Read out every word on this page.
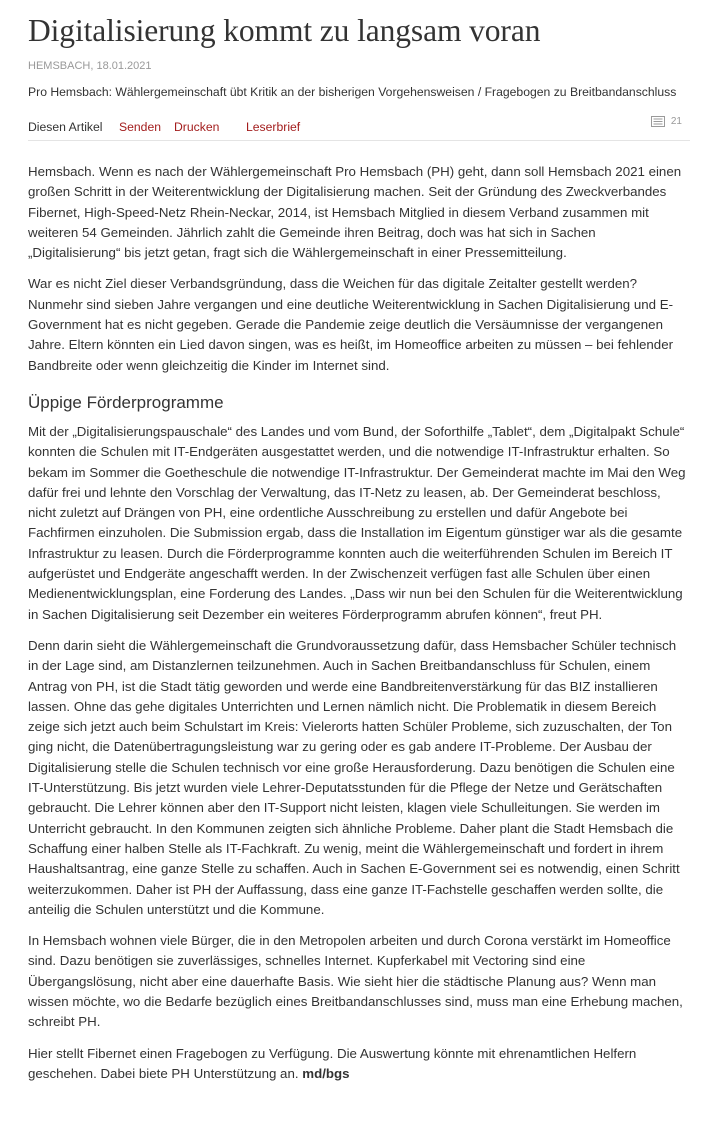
Digitalisierung kommt zu langsam voran
HEMSBACH, 18.01.2021
Pro Hemsbach: Wählergemeinschaft übt Kritik an der bisherigen Vorgehensweisen / Fragebogen zu Breitbandanschluss
Diesen Artikel Senden Drucken Leserbrief	21

Hemsbach. Wenn es nach der Wählergemeinschaft Pro Hemsbach (PH) geht, dann soll Hemsbach 2021 einen großen Schritt in der Weiterentwicklung der Digitalisierung machen. Seit der Gründung des Zweckverbandes Fibernet, High-Speed-Netz Rhein-Neckar, 2014, ist Hemsbach Mitglied in diesem Verband zusammen mit weiteren 54 Gemeinden. Jährlich zahlt die Gemeinde ihren Beitrag, doch was hat sich in Sachen „Digitalisierung“ bis jetzt getan, fragt sich die Wählergemeinschaft in einer Pressemitteilung.

War es nicht Ziel dieser Verbandsgründung, dass die Weichen für das digitale Zeitalter gestellt werden? Nunmehr sind sieben Jahre vergangen und eine deutliche Weiterentwicklung in Sachen Digitalisierung und E-Government hat es nicht gegeben. Gerade die Pandemie zeige deutlich die Versäumnisse der vergangenen Jahre. Eltern könnten ein Lied davon singen, was es heißt, im Homeoffice arbeiten zu müssen – bei fehlender Bandbreite oder wenn gleichzeitig die Kinder im Internet sind.

Üppige Förderprogramme

Mit der „Digitalisierungspauschale“ des Landes und vom Bund, der Soforthilfe „Tablet“, dem „Digitalpakt Schule“ konnten die Schulen mit IT-Endgeräten ausgestattet werden, und die notwendige IT-Infrastruktur erhalten. So bekam im Sommer die Goetheschule die notwendige IT-Infrastruktur. Der Gemeinderat machte im Mai den Weg dafür frei und lehnte den Vorschlag der Verwaltung, das IT-Netz zu leasen, ab. Der Gemeinderat beschloss, nicht zuletzt auf Drängen von PH, eine ordentliche Ausschreibung zu erstellen und dafür Angebote bei Fachfirmen einzuholen. Die Submission ergab, dass die Installation im Eigentum günstiger war als die gesamte Infrastruktur zu leasen. Durch die Förderprogramme konnten auch die weiterführenden Schulen im Bereich IT aufgerüstet und Endgeräte angeschafft werden. In der Zwischenzeit verfügen fast alle Schulen über einen Medienentwicklungsplan, eine Forderung des Landes. „Dass wir nun bei den Schulen für die Weiterentwicklung in Sachen Digitalisierung seit Dezember ein weiteres Förderprogramm abrufen können“, freut PH.

Denn darin sieht die Wählergemeinschaft die Grundvoraussetzung dafür, dass Hemsbacher Schüler technisch in der Lage sind, am Distanzlernen teilzunehmen. Auch in Sachen Breitbandanschluss für Schulen, einem Antrag von PH, ist die Stadt tätig geworden und werde eine Bandbreitenverstärkung für das BIZ installieren lassen. Ohne das gehe digitales Unterrichten und Lernen nämlich nicht. Die Problematik in diesem Bereich zeige sich jetzt auch beim Schulstart im Kreis: Vielerorts hatten Schüler Probleme, sich zuzuschalten, der Ton ging nicht, die Datenübertragungsleistung war zu gering oder es gab andere IT-Probleme. Der Ausbau der Digitalisierung stelle die Schulen technisch vor eine große Herausforderung. Dazu benötigen die Schulen eine IT-Unterstützung. Bis jetzt wurden viele Lehrer-Deputatsstunden für die Pflege der Netze und Gerätschaften gebraucht. Die Lehrer können aber den IT-Support nicht leisten, klagen viele Schulleitungen. Sie werden im Unterricht gebraucht. In den Kommunen zeigten sich ähnliche Probleme. Daher plant die Stadt Hemsbach die Schaffung einer halben Stelle als IT-Fachkraft. Zu wenig, meint die Wählergemeinschaft und fordert in ihrem Haushaltsantrag, eine ganze Stelle zu schaffen. Auch in Sachen E-Government sei es notwendig, einen Schritt weiterzukommen. Daher ist PH der Auffassung, dass eine ganze IT-Fachstelle geschaffen werden sollte, die anteilig die Schulen unterstützt und die Kommune.

In Hemsbach wohnen viele Bürger, die in den Metropolen arbeiten und durch Corona verstärkt im Homeoffice sind. Dazu benötigen sie zuverlässiges, schnelles Internet. Kupferkabel mit Vectoring sind eine Übergangslösung, nicht aber eine dauerhafte Basis. Wie sieht hier die städtische Planung aus? Wenn man wissen möchte, wo die Bedarfe bezüglich eines Breitbandanschlusses sind, muss man eine Erhebung machen, schreibt PH.

Hier stellt Fibernet einen Fragebogen zu Verfügung. Die Auswertung könnte mit ehrenamtlichen Helfern geschehen. Dabei biete PH Unterstützung an. md/bgs
